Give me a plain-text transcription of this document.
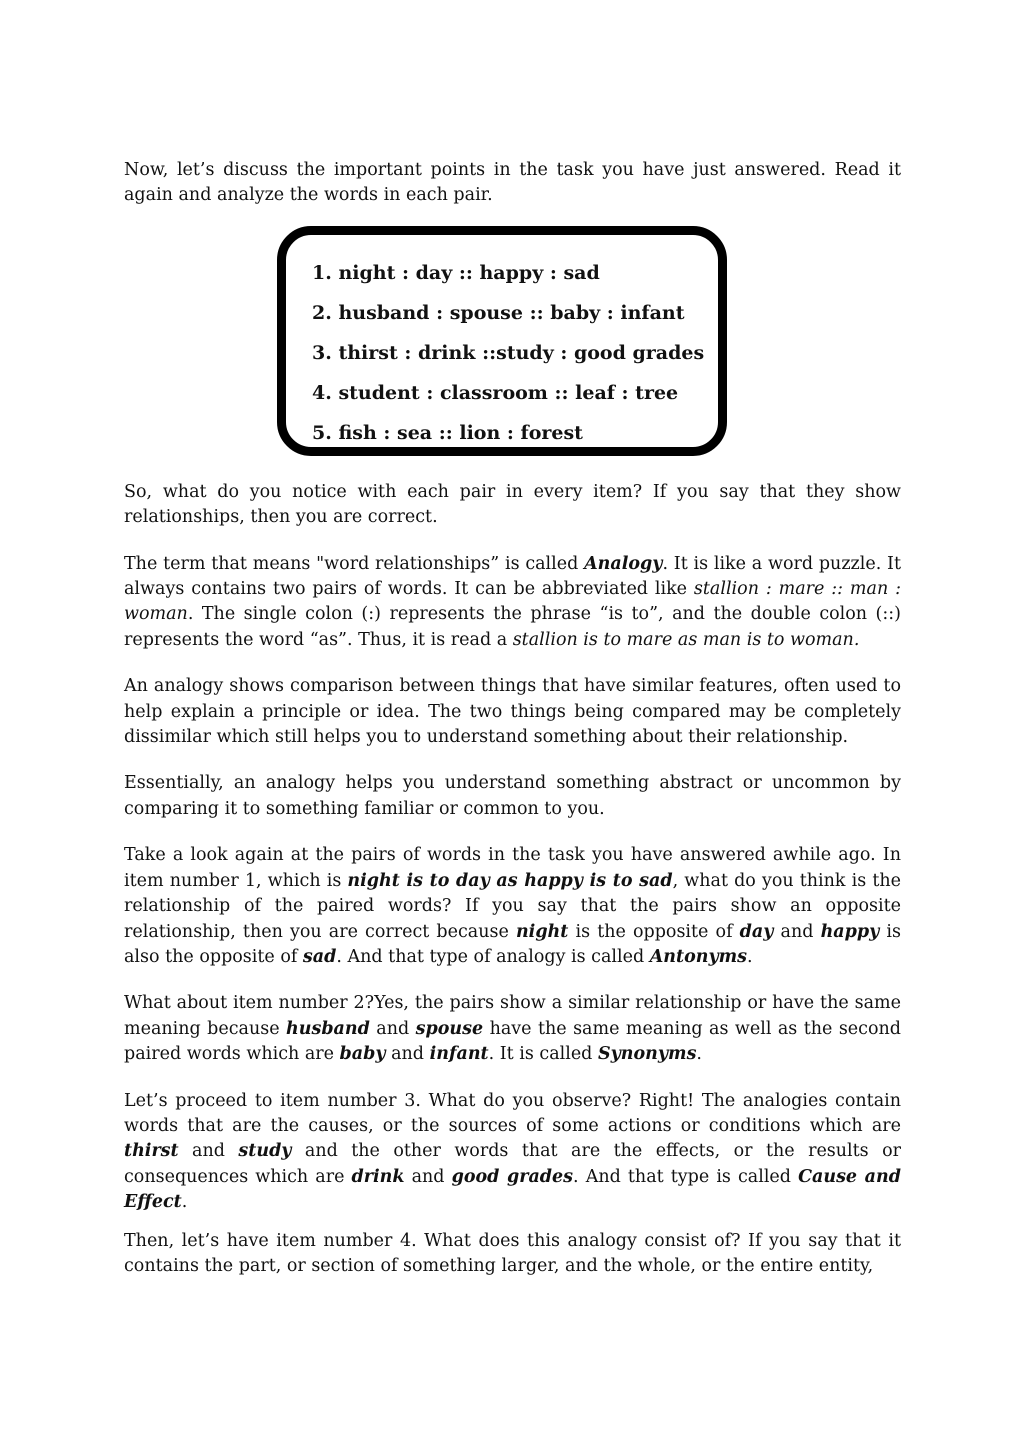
Now, let’s discuss the important points in the task you have just answered. Read it again and analyze the words in each pair.

1. night : day :: happy : sad
2. husband : spouse :: baby : infant
3. thirst : drink ::study : good grades
4. student : classroom :: leaf : tree
5. fish : sea :: lion : forest

So, what do you notice with each pair in every item? If you say that they show relationships, then you are correct.

The term that means "word relationships” is called Analogy. It is like a word puzzle. It always contains two pairs of words. It can be abbreviated like stallion : mare :: man : woman. The single colon (:) represents the phrase “is to”, and the double colon (::) represents the word “as”. Thus, it is read a stallion is to mare as man is to woman.

An analogy shows comparison between things that have similar features, often used to help explain a principle or idea. The two things being compared may be completely dissimilar which still helps you to understand something about their relationship.

Essentially, an analogy helps you understand something abstract or uncommon by comparing it to something familiar or common to you.

Take a look again at the pairs of words in the task you have answered awhile ago. In item number 1, which is night is to day as happy is to sad, what do you think is the relationship of the paired words? If you say that the pairs show an opposite relationship, then you are correct because night is the opposite of day and happy is also the opposite of sad. And that type of analogy is called Antonyms.

What about item number 2?Yes, the pairs show a similar relationship or have the same meaning because husband and spouse have the same meaning as well as the second paired words which are baby and infant. It is called Synonyms.

Let’s proceed to item number 3. What do you observe? Right! The analogies contain words that are the causes, or the sources of some actions or conditions which are thirst and study and the other words that are the effects, or the results or consequences which are drink and good grades. And that type is called Cause and Effect.

Then, let’s have item number 4. What does this analogy consist of? If you say that it contains the part, or section of something larger, and the whole, or the entire entity,
